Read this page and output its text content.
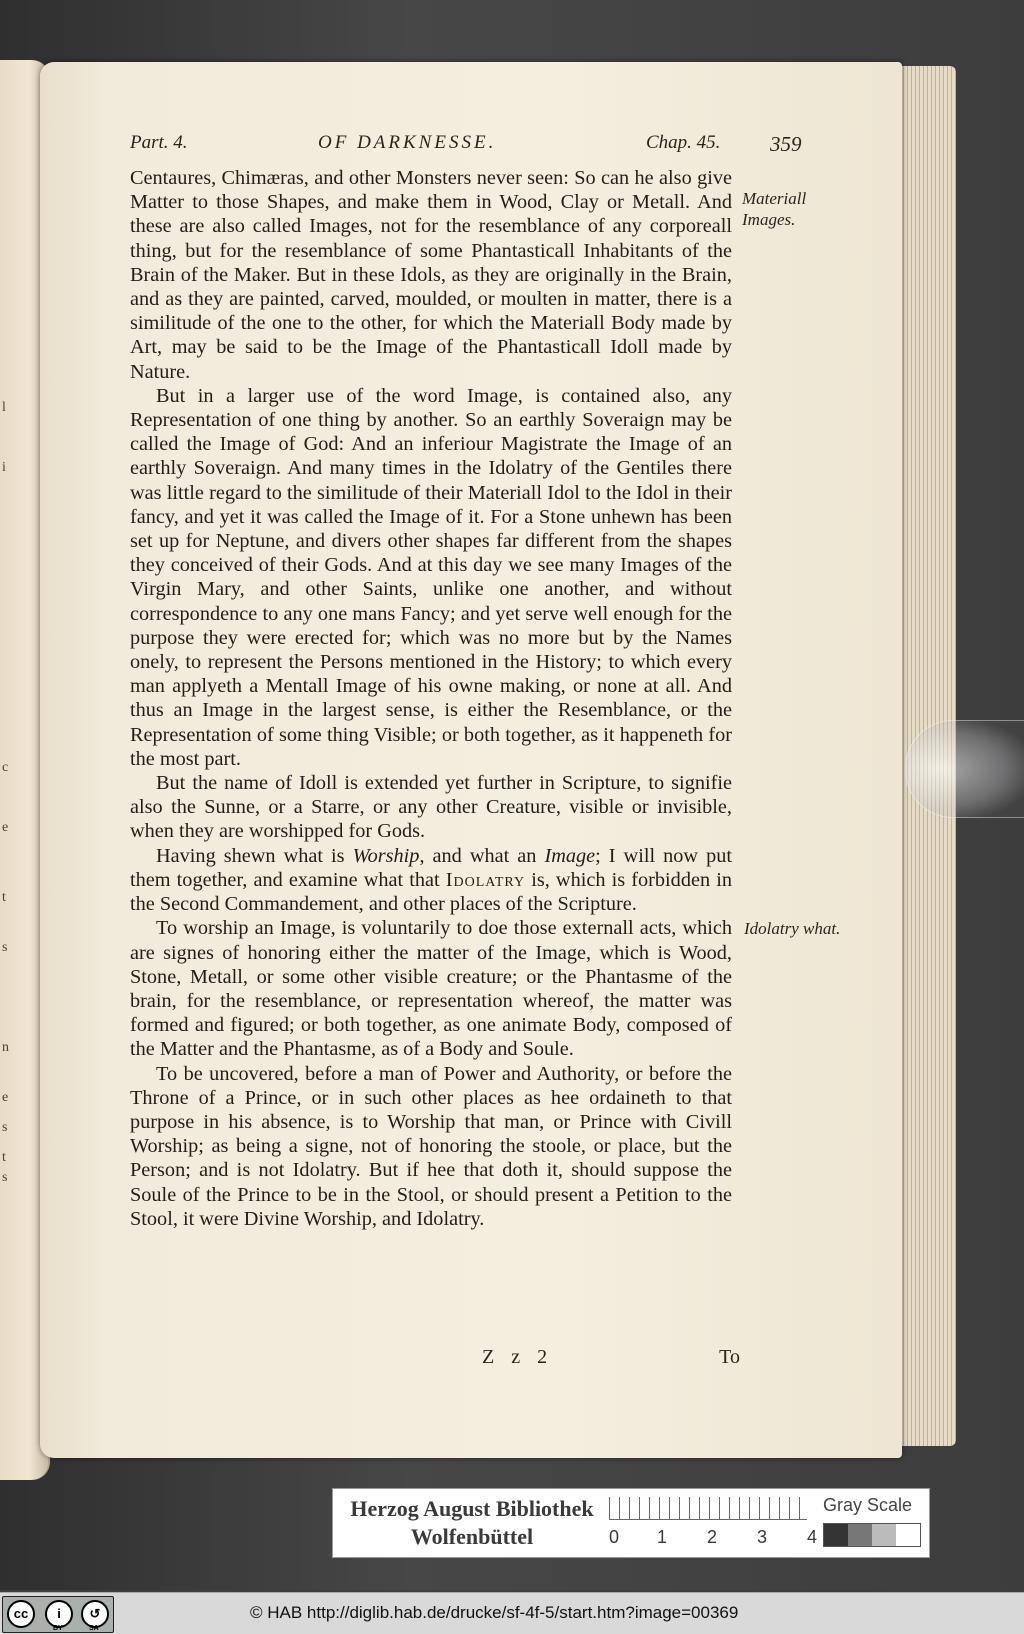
l
i
c
e
t
s
n
e
s
t
s
Part. 4.	OF DARKNESSE.	Chap. 45. 359

Centaures, Chimæras, and other Monsters never seen: So can he also give Matter to those Shapes, and make them in Wood, Clay or Metall. And these are also called Images, not for the resemblance of any corporeall thing, but for the resemblance of some Phantasticall Inhabitants of the Brain of the Maker. But in these Idols, as they are originally in the Brain, and as they are painted, carved, moulded, or moulten in matter, there is a similitude of the one to the other, for which the Materiall Body made by Art, may be said to be the Image of the Phantasticall Idoll made by Nature.

But in a larger use of the word Image, is contained also, any Representation of one thing by another. So an earthly Soveraign may be called the Image of God: And an inferiour Magistrate the Image of an earthly Soveraign. And many times in the Idolatry of the Gentiles there was little regard to the similitude of their Materiall Idol to the Idol in their fancy, and yet it was called the Image of it. For a Stone unhewn has been set up for Neptune, and divers other shapes far different from the shapes they conceived of their Gods. And at this day we see many Images of the Virgin Mary, and other Saints, unlike one another, and without correspondence to any one mans Fancy; and yet serve well enough for the purpose they were erected for; which was no more but by the Names onely, to represent the Persons mentioned in the History; to which every man applyeth a Mentall Image of his owne making, or none at all. And thus an Image in the largest sense, is either the Resemblance, or the Representation of some thing Visible; or both together, as it happeneth for the most part.

But the name of Idoll is extended yet further in Scripture, to signifie also the Sunne, or a Starre, or any other Creature, visible or invisible, when they are worshipped for Gods.

Having shewn what is Worship, and what an Image; I will now put them together, and examine what that Idolatry is, which is forbidden in the Second Commandement, and other places of the Scripture.

To worship an Image, is voluntarily to doe those externall acts, which are signes of honoring either the matter of the Image, which is Wood, Stone, Metall, or some other visible creature; or the Phantasme of the brain, for the resemblance, or representation whereof, the matter was formed and figured; or both together, as one animate Body, composed of the Matter and the Phantasme, as of a Body and Soule.

To be uncovered, before a man of Power and Authority, or before the Throne of a Prince, or in such other places as hee ordaineth to that purpose in his absence, is to Worship that man, or Prince with Civill Worship; as being a signe, not of honoring the stoole, or place, but the Person; and is not Idolatry. But if hee that doth it, should suppose the Soule of the Prince to be in the Stool, or should present a Petition to the Stool, it were Divine Worship, and Idolatry.

Materiall
Images.
Idolatry what.
Z z 2	To
Herzog August Bibliothek
Wolfenbüttel	0 1 2 3 4
Gray Scale
cc	i	↺
BY	SA
© HAB http://diglib.hab.de/drucke/sf-4f-5/start.htm?image=00369
